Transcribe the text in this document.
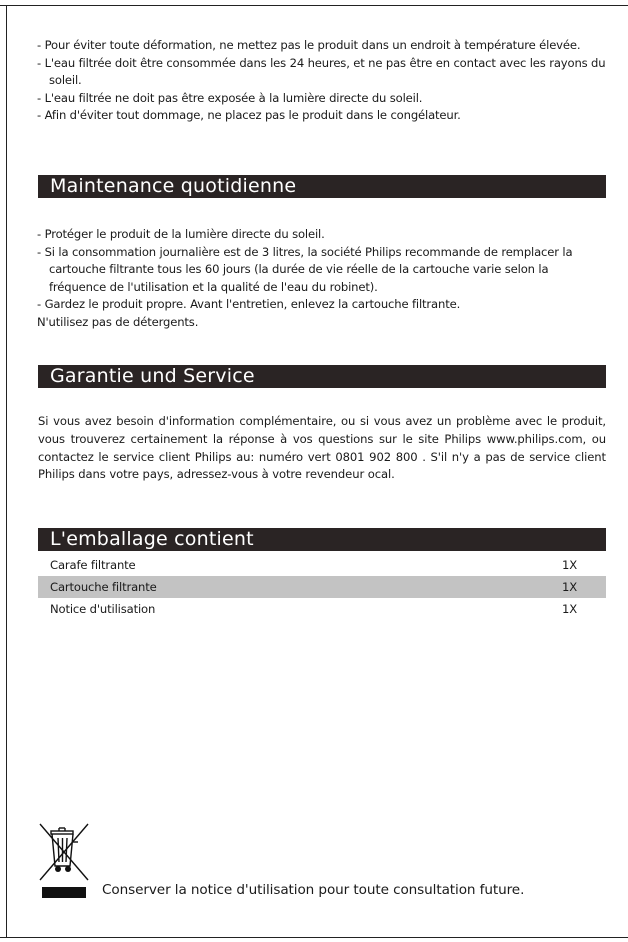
- Pour éviter toute déformation, ne mettez pas le produit dans un endroit à température élevée.
- L'eau filtrée doit être consommée dans les 24 heures, et ne pas être en contact avec les rayons du soleil.
- L'eau filtrée ne doit pas être exposée à la lumière directe du soleil.
- Afin d'éviter tout dommage, ne placez pas le produit dans le congélateur.
Maintenance quotidienne
- Protéger le produit de la lumière directe du soleil.
- Si la consommation journalière est de 3 litres, la société Philips recommande de remplacer la cartouche filtrante tous les 60 jours (la durée de vie réelle de la cartouche varie selon la fréquence de l'utilisation et la qualité de l'eau du robinet).
- Gardez le produit propre. Avant l'entretien, enlevez la cartouche filtrante.
N'utilisez pas de détergents.
Garantie und Service

Si vous avez besoin d'information complémentaire, ou si vous avez un problème avec le produit, vous trouverez certainement la réponse à vos questions sur le site Philips www.philips.com, ou contactez le service client Philips au: numéro vert 0801 902 800 . S'il n'y a pas de service client Philips dans votre pays, adressez-vous à votre revendeur ocal.

L'emballage contient
Carafe filtrante	1X
Cartouche filtrante	1X
Notice d'utilisation	1X
Conserver la notice d'utilisation pour toute consultation future.
